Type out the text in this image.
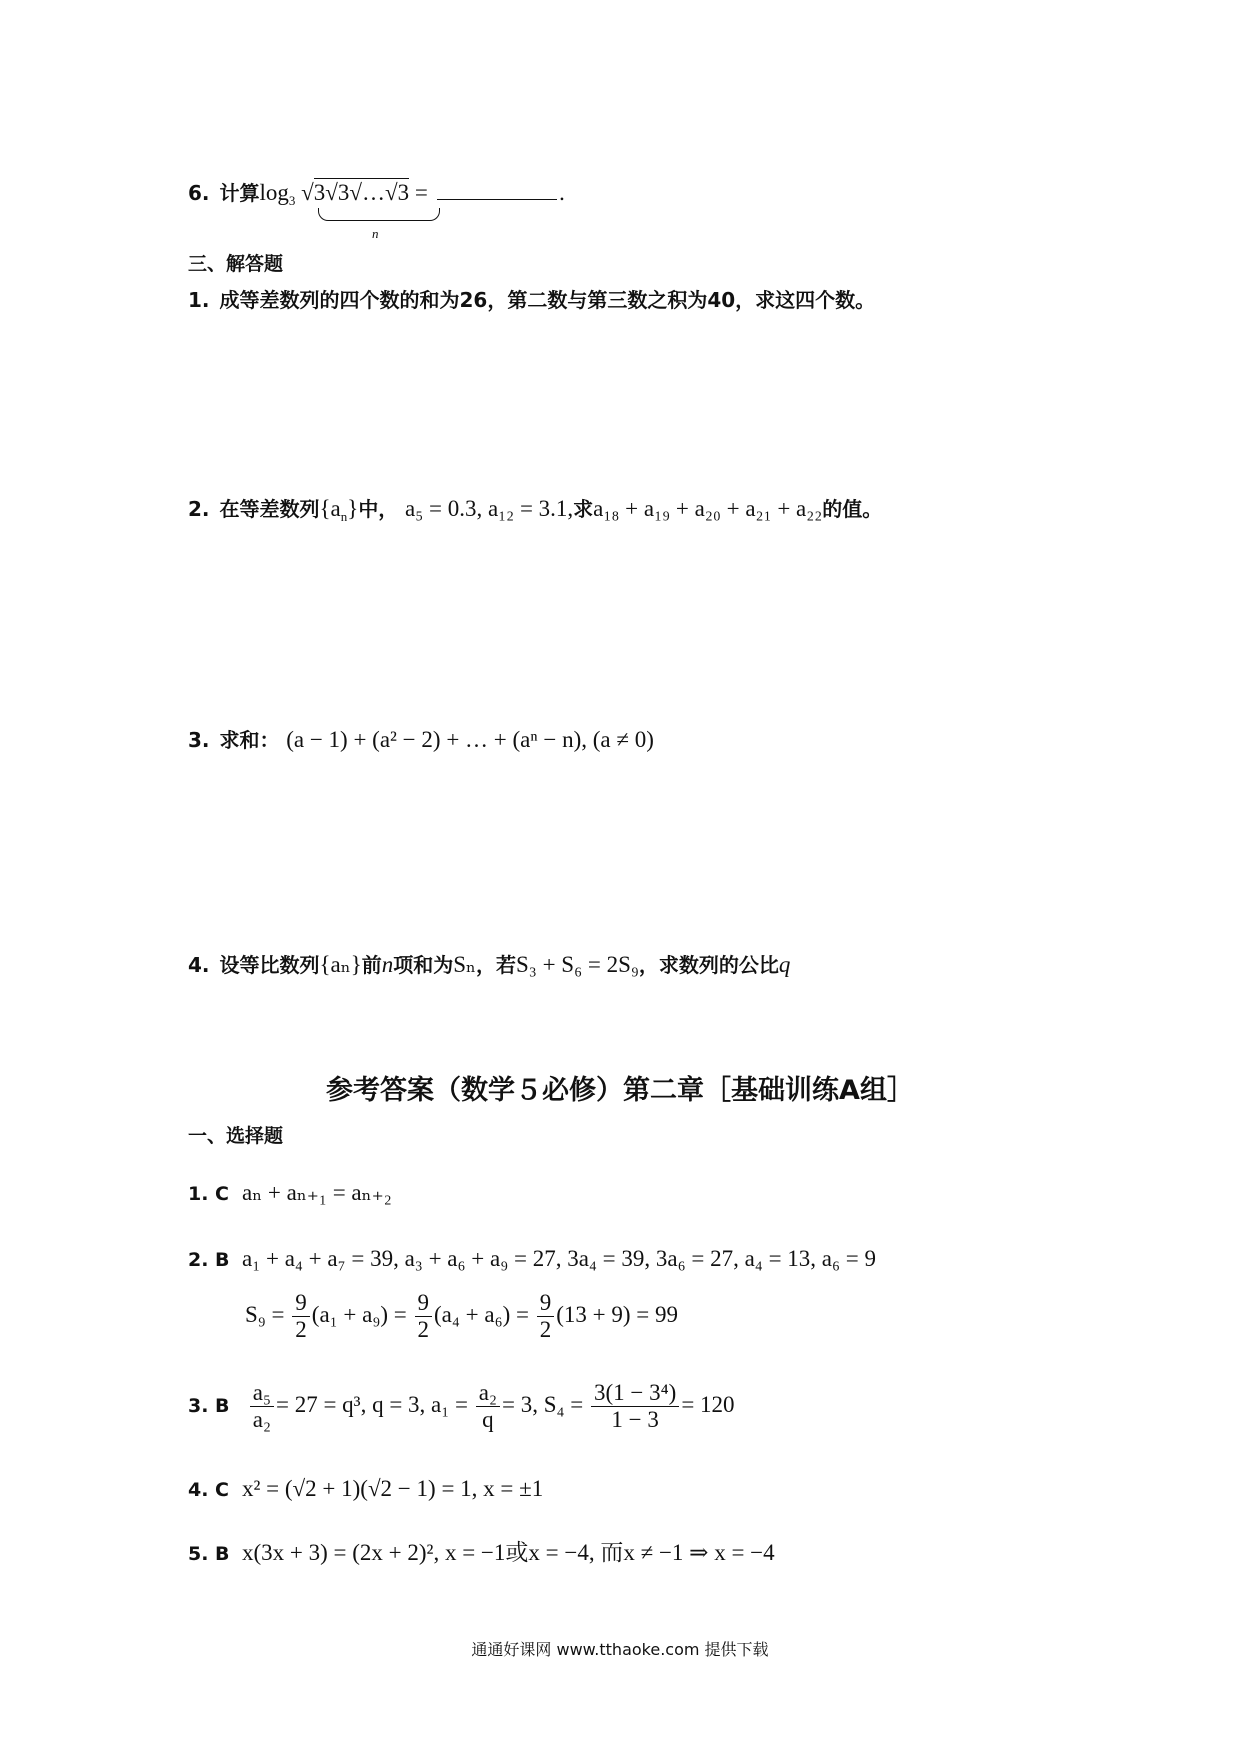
6. 计算$\log_3$ √3√3√…√3 =	.
n
三、解答题
1. 成等差数列的四个数的和为26，第二数与第三数之积为40，求这四个数。
2. 在等差数列$\{a_n\}$中， a₅ = 0.3, a₁₂ = 3.1,求a₁₈ + a₁₉ + a₂₀ + a₂₁ + a₂₂的值。
3. 求和： (a − 1) + (a² − 2) + … + (aⁿ − n), (a ≠ 0)
4. 设等比数列{aₙ}前n项和为Sₙ，若S₃ + S₆ = 2S₉，求数列的公比q
参考答案（数学５必修）第二章［基础训练A组］
一、选择题
1. C aₙ + aₙ₊₁ = aₙ₊₂
2. B a₁ + a₄ + a₇ = 39, a₃ + a₆ + a₉ = 27, 3a₄ = 39, 3a₆ = 27, a₄ = 13, a₆ = 9
$S_9 = \frac{9}{2} (a_1 + a_9) = \frac{9}{2} (a_4 + a_6) = \frac{9}{2} (13 + 9) = 99$
3. B $\frac{\text{a₅}}{\text{a₂}} = 27 = q^3$, q = 3, $a_1 = \frac{\text{a₂}}{q} = 3$, $S_4 = \frac{\text{3(1 − 3⁴)}}{1 - 3} = 120$
4. C x² = (√2 + 1)(√2 − 1) = 1, x = ±1
5. B x(3x + 3) = (2x + 2)², x = −1或x = −4, 而x ≠ −1 ⇒ x = −4
通通好课网 www.tthaoke.com 提供下载
